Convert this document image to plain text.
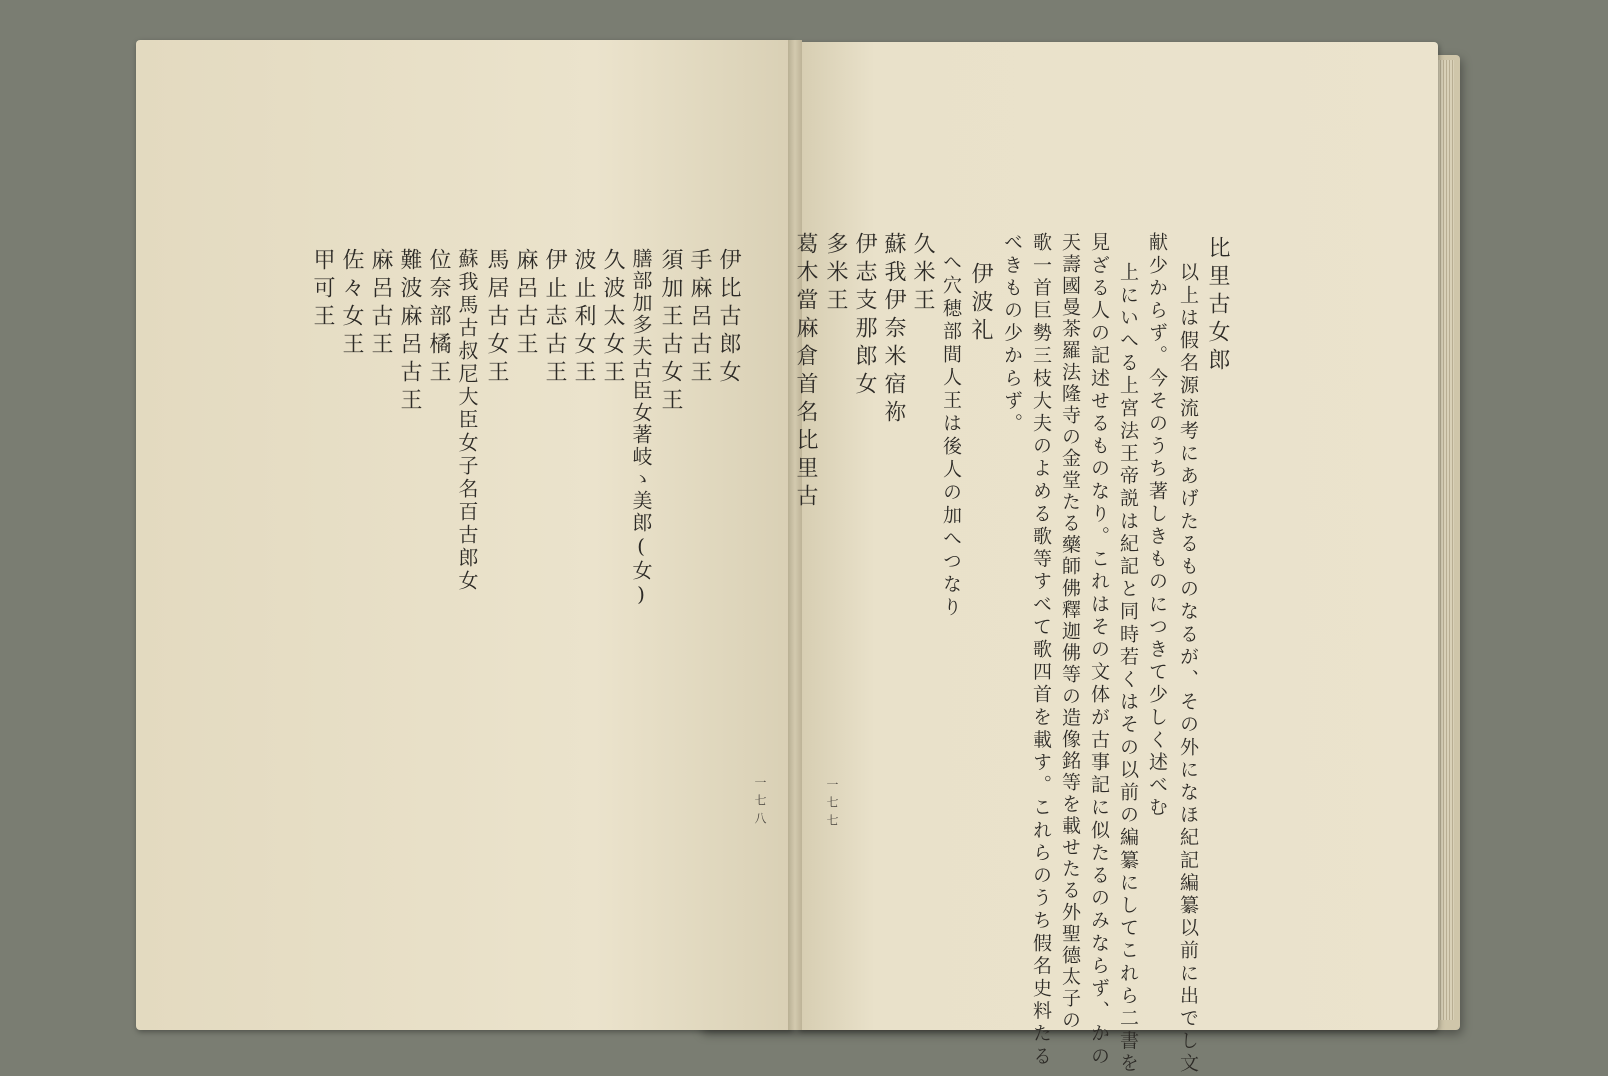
比里古女郎
以上は假名源流考にあげたるものなるが、その外になほ紀記編纂以前に出でし文
献少からず。今そのうち著しきものにつきて少しく述べむ
上にいへる上宮法王帝説は紀記と同時若くはその以前の編纂にしてこれら二書を
見ざる人の記述せるものなり。これはその文体が古事記に似たるのみならず、かの
天壽國曼茶羅法隆寺の金堂たる藥師佛釋迦佛等の造像銘等を載せたる外聖德太子の
歌一首巨勢三枝大夫のよめる歌等すべて歌四首を載す。これらのうち假名史料たる
べきもの少からず。
伊波礼
へ穴穂部間人王は後人の加へつなり
久米王
蘇我伊奈米宿祢
伊志支那郎女
多米王
葛木當麻倉首名比里古
一七七
伊比古郎女
手麻呂古王
須加王古女王
膳部加多夫古臣女著岐ゝ美郎(女)
久波太女王
波止利女王
伊止志古王
麻呂古王
馬居古女王
蘇我馬古叔尼大臣女子名百古郎女
位奈部橘王
難波麻呂古王
麻呂古王
佐々女王
甲可王
一七八
